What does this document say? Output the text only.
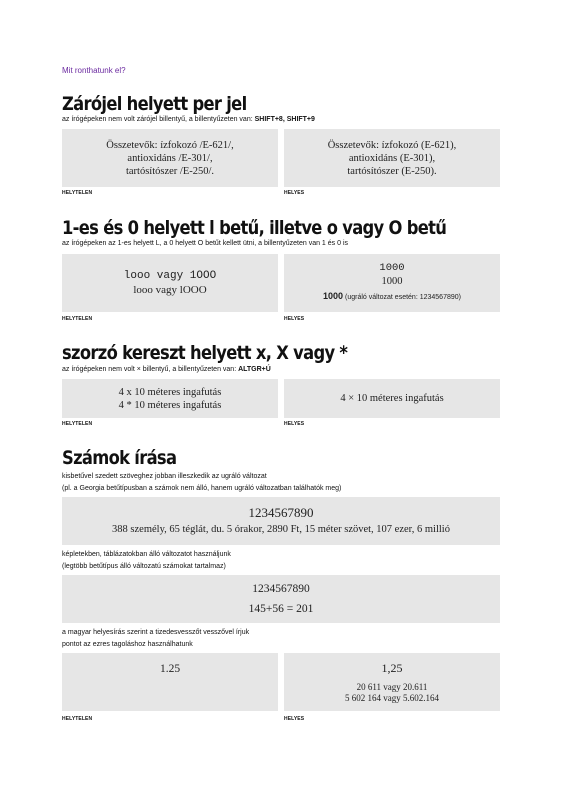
Mit ronthatunk el?
Zárójel helyett per jel
az írógépeken nem volt zárójel billentyű, a billentyűzeten van: SHIFT+8, SHIFT+9
Összetevők: ízfokozó /E-621/,
antioxidáns /E-301/,
tartósítószer /E-250/.
Összetevők: ízfokozó (E-621),
antioxidáns (E-301),
tartósítószer (E-250).
HELYTELEN	HELYES
1-es és 0 helyett l betű, illetve o vagy O betű
az írógépeken az 1-es helyett L, a 0 helyett O betűt kellett ütni, a billentyűzeten van 1 és 0 is
looo vagy 1OOO
looo vagy lOOO
1000
1000
1000 (ugráló változat esetén: 1234567890)
HELYTELEN	HELYES
szorzó kereszt helyett x, X vagy *
az írógépeken nem volt × billentyű, a billentyűzeten van: ALTGR+Ú
4 x 10 méteres ingafutás
4 * 10 méteres ingafutás
4 × 10 méteres ingafutás
HELYTELEN	HELYES
Számok írása
kisbetűvel szedett szöveghez jobban illeszkedik az ugráló változat
(pl. a Georgia betűtípusban a számok nem álló, hanem ugráló változatban találhatók meg)
1234567890
388 személy, 65 téglát, du. 5 órakor, 2890 Ft, 15 méter szövet, 107 ezer, 6 millió
képletekben, táblázatokban álló változatot használjunk
(legtöbb betűtípus álló változatú számokat tartalmaz)
1234567890
145+56 = 201
a magyar helyesírás szerint a tizedesvesszőt vesszővel írjuk
pontot az ezres tagoláshoz használhatunk
1.25	1,25
20 611 vagy 20.611
5 602 164 vagy 5.602.164
HELYTELEN	HELYES
